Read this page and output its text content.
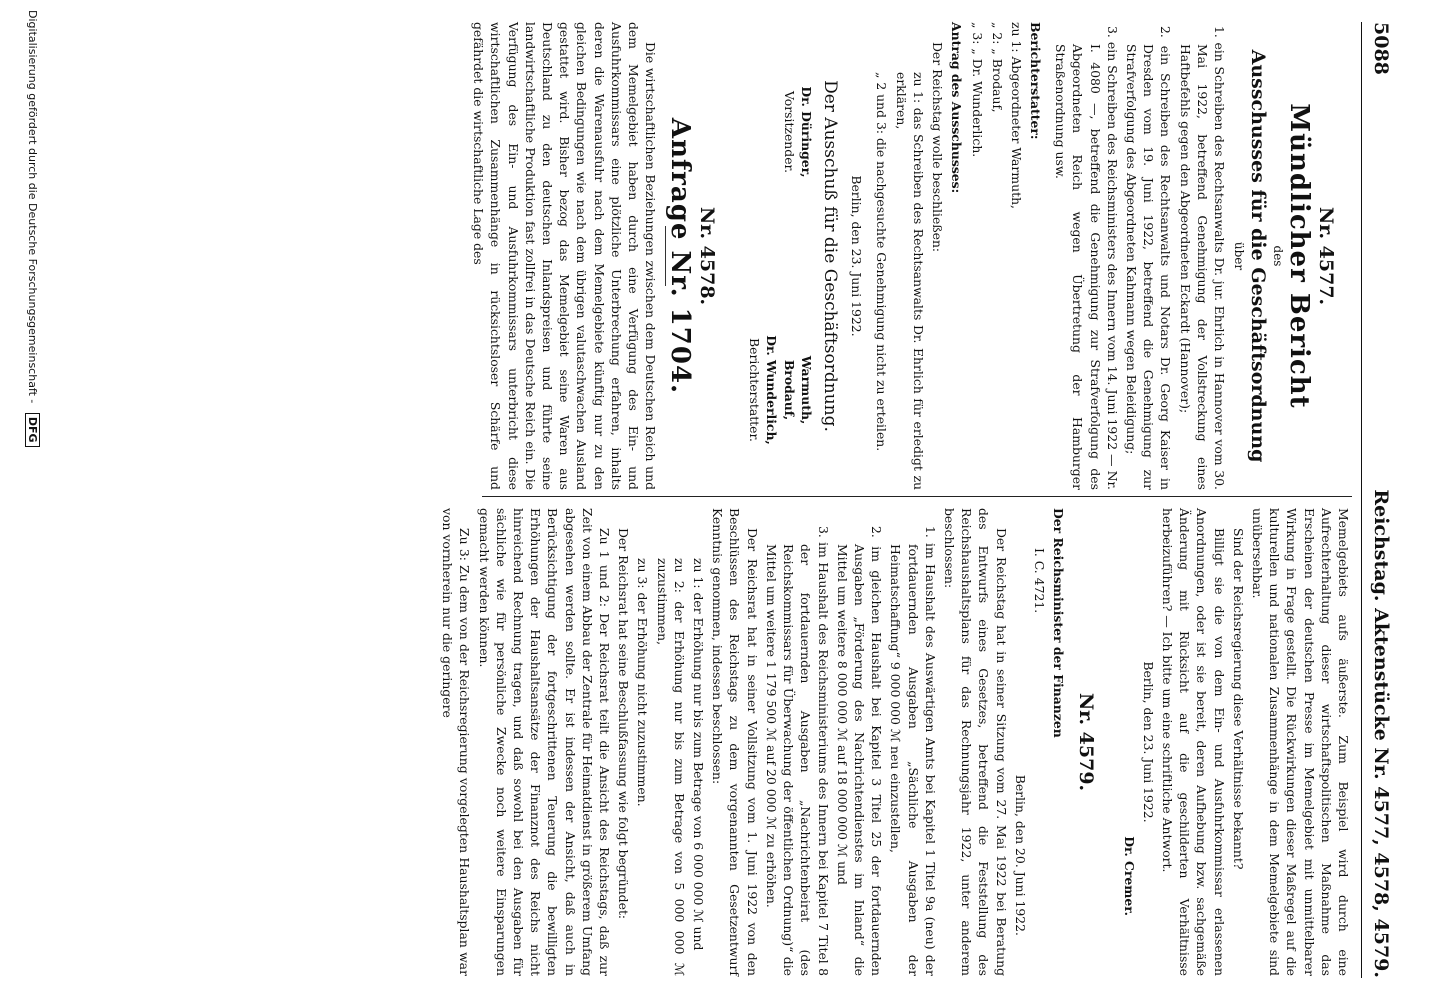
5088
Reichstag. Aktenstücke Nr. 4577, 4578, 4579.
Nr. 4577.
Mündlicher Bericht
des
Ausschusses für die Geschäftsordnung
über

1. ein Schreiben des Rechtsanwalts Dr. jur. Ehrlich in Hannover vom 30. Mai 1922, betreffend Genehmigung der Vollstreckung eines Haftbefehls gegen den Abgeordneten Eckardt (Hannover);

2. ein Schreiben des Rechtsanwalts und Notars Dr. Georg Kaiser in Dresden vom 19. Juni 1922, betreffend die Genehmigung zur Strafverfolgung des Abgeordneten Kahmann wegen Beleidigung;

3. ein Schreiben des Reichsministers des Innern vom 14. Juni 1922 — Nr. I. 4080 —, betreffend die Genehmigung zur Strafverfolgung des Abgeordneten Reich wegen Übertretung der Hamburger Straßenordnung usw.

Berichterstatter:

zu 1: Abgeordneter Warmuth,

„ 2: „ Brodauf,

„ 3: „ Dr. Wunderlich.

Antrag des Ausschusses:

Der Reichstag wolle beschließen:

zu 1: das Schreiben des Rechtsanwalts Dr. Ehrlich für erledigt zu erklären,

„ 2 und 3: die nachgesuchte Genehmigung nicht zu erteilen.

Berlin, den 23. Juni 1922.

Der Ausschuß für die Geschäftsordnung.

Dr. Düringer,
Vorsitzender.
Warmuth,
Brodauf,
Dr. Wunderlich,
Berichterstatter.
Nr. 4578.
Anfrage Nr. 1704.

Die wirtschaftlichen Beziehungen zwischen dem Deutschen Reich und dem Memelgebiet haben durch eine Verfügung des Ein- und Ausfuhrkommissars eine plötzliche Unterbrechung erfahren, inhalts deren die Warenausfuhr nach dem Memelgebiete künftig nur zu den gleichen Bedingungen wie nach dem übrigen valutaschwachen Ausland gestattet wird. Bisher bezog das Memelgebiet seine Waren aus Deutschland zu den deutschen Inlandspreisen und führte seine landwirtschaftliche Produktion fast zollfrei in das Deutsche Reich ein. Die Verfügung des Ein- und Ausfuhrkommissars unterbricht diese wirtschaftlichen Zusammenhänge in rücksichtsloser Schärfe und gefährdet die wirtschaftliche Lage des

Memelgebiets aufs äußerste. Zum Beispiel wird durch eine Aufrechterhaltung dieser wirtschaftspolitischen Maßnahme das Erscheinen der deutschen Presse im Memelgebiet mit unmittelbarer Wirkung in Frage gestellt. Die Rückwirkungen dieser Maßregel auf die kulturellen und nationalen Zusammenhänge in dem Memelgebiete sind unübersehbar.

Sind der Reichsregierung diese Verhältnisse bekannt?

Billigt sie die von dem Ein- und Ausfuhrkommissar erlassenen Anordnungen, oder ist sie bereit, deren Aufhebung bzw. sachgemäße Änderung mit Rücksicht auf die geschilderten Verhältnisse herbeizuführen? — Ich bitte um eine schriftliche Antwort.

Berlin, den 23. Juni 1922.

Dr. Cremer.

Nr. 4579.

Der Reichsminister der Finanzen

I. C. 4721.

Berlin, den 20. Juni 1922.

Der Reichstag hat in seiner Sitzung vom 27. Mai 1922 bei Beratung des Entwurfs eines Gesetzes, betreffend die Feststellung des Reichshaushaltsplans für das Rechnungsjahr 1922, unter anderem beschlossen:

1. im Haushalt des Auswärtigen Amts bei Kapitel 1 Titel 9a (neu) der fortdauernden Ausgaben „Sächliche Ausgaben der Heimatschaffung“ 9 000 000 ℳ neu einzustellen,

2. im gleichen Haushalt bei Kapitel 3 Titel 25 der fortdauernden Ausgaben „Förderung des Nachrichtendienstes im Inland“ die Mittel um weitere 8 000 000 ℳ auf 18 000 000 ℳ und

3. im Haushalt des Reichsministeriums des Innern bei Kapitel 7 Titel 8 der fortdauernden Ausgaben „Nachrichtenbeirat (des Reichskommissars für Überwachung der öffentlichen Ordnung)“ die Mittel um weitere 1 179 500 ℳ auf 20 000 ℳ zu erhöhen.

Der Reichsrat hat in seiner Vollsitzung vom 1. Juni 1922 von den Beschlüssen des Reichstags zu dem vorgenannten Gesetzentwurf Kenntnis genommen, indessen beschlossen:

zu 1: der Erhöhung nur bis zum Betrage von 6 000 000 ℳ und

zu 2: der Erhöhung nur bis zum Betrage von 5 000 000 ℳ zuzustimmen,

zu 3: der Erhöhung nicht zuzustimmen.

Der Reichsrat hat seine Beschlußfassung wie folgt begründet:

Zu 1 und 2: Der Reichsrat teilt die Ansicht des Reichstags, daß zur Zeit von einem Abbau der Zentrale für Heimatdienst in größerem Umfang abgesehen werden sollte. Er ist indessen der Ansicht, daß auch in Berücksichtigung der fortgeschrittenen Teuerung die bewilligten Erhöhungen der Haushaltsansätze der Finanznot des Reichs nicht hinreichend Rechnung tragen, und daß sowohl bei den Ausgaben für sächliche wie für persönliche Zwecke noch weitere Einsparungen gemacht werden können.

Zu 3: Zu dem von der Reichsregierung vorgelegten Haushaltsplan war von vornherein nur die geringere

Digitalisierung gefördert durch die Deutsche Forschungsgemeinschaft - DFG
